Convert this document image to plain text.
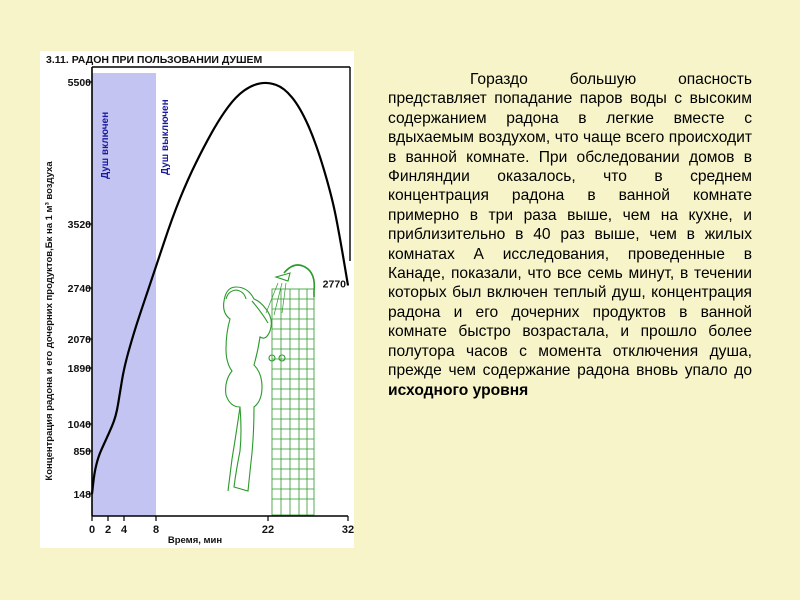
Душ включен	Душ выключен
2770
148
850
1040
1890
2070
2740
3520
5500
0 2 4 8	22	32
Время, мин
Концентрация радона и его дочерних продуктов,Бк на 1 м³ воздуха
3.11. РАДОН ПРИ ПОЛЬЗОВАНИИ ДУШЕМ
Гораздо большую опасность представляет попадание паров воды с высоким содержанием радона в легкие вместе с вдыхаемым воздухом, что чаще всего происходит в ванной комнате. При обследовании домов в Финляндии оказалось, что в среднем концентрация радона в ванной комнате примерно в три раза выше, чем на кухне, и приблизительно в 40 раз выше, чем в жилых комнатах А исследования, проведенные в Канаде, показали, что все семь минут, в течении которых был включен теплый душ, концентрация радона и его дочерних продуктов в ванной комнате быстро возрастала, и прошло более полутора часов с момента отключения душа, прежде чем содержание радона вновь упало до исходного уровня
